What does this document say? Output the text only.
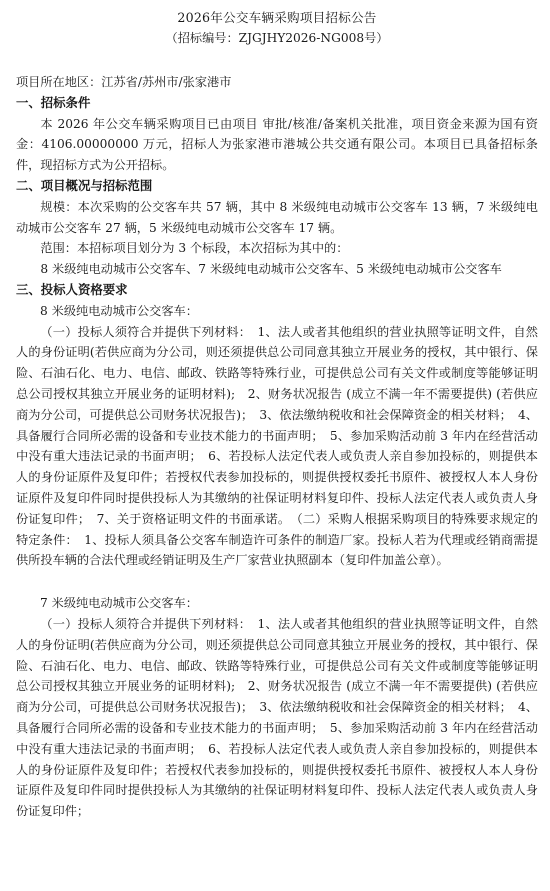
2026年公交车辆采购项目招标公告

（招标编号：ZJGJHY2026-NG008号）

项目所在地区：江苏省/苏州市/张家港市

一、招标条件

本 2026 年公交车辆采购项目已由项目 审批/核准/备案机关批准，项目资金来源为国有资金：4106.00000000 万元，招标人为张家港市港城公共交通有限公司。本项目已具备招标条件，现招标方式为公开招标。

二、项目概况与招标范围

规模：本次采购的公交客车共 57 辆，其中 8 米级纯电动城市公交客车 13 辆，7 米级纯电动城市公交客车 27 辆，5 米级纯电动城市公交客车 17 辆。

范围：本招标项目划分为 3 个标段，本次招标为其中的：

8 米级纯电动城市公交客车、7 米级纯电动城市公交客车、5 米级纯电动城市公交客车

三、投标人资格要求

8 米级纯电动城市公交客车：

（一）投标人须符合并提供下列材料：　1、法人或者其他组织的营业执照等证明文件，自然人的身份证明(若供应商为分公司，则还须提供总公司同意其独立开展业务的授权，其中银行、保险、石油石化、电力、电信、邮政、铁路等特殊行业，可提供总公司有关文件或制度等能够证明总公司授权其独立开展业务的证明材料);　2、财务状况报告 (成立不满一年不需要提供) (若供应商为分公司，可提供总公司财务状况报告)；　3、依法缴纳税收和社会保障资金的相关材料；　4、具备履行合同所必需的设备和专业技术能力的书面声明；　5、参加采购活动前 3 年内在经营活动中没有重大违法记录的书面声明；　6、若投标人法定代表人或负责人亲自参加投标的，则提供本人的身份证原件及复印件；若授权代表参加投标的，则提供授权委托书原件、被授权人本人身份证原件及复印件同时提供投标人为其缴纳的社保证明材料复印件、投标人法定代表人或负责人身份证复印件；　7、关于资格证明文件的书面承诺。　（二）采购人根据采购项目的特殊要求规定的特定条件：　1、投标人须具备公交客车制造许可条件的制造厂家。投标人若为代理或经销商需提供所投车辆的合法代理或经销证明及生产厂家营业执照副本（复印件加盖公章）。

7 米级纯电动城市公交客车：

（一）投标人须符合并提供下列材料：　1、法人或者其他组织的营业执照等证明文件，自然人的身份证明(若供应商为分公司，则还须提供总公司同意其独立开展业务的授权，其中银行、保险、石油石化、电力、电信、邮政、铁路等特殊行业，可提供总公司有关文件或制度等能够证明总公司授权其独立开展业务的证明材料);　2、财务状况报告 (成立不满一年不需要提供) (若供应商为分公司，可提供总公司财务状况报告)；　3、依法缴纳税收和社会保障资金的相关材料；　4、具备履行合同所必需的设备和专业技术能力的书面声明；　5、参加采购活动前 3 年内在经营活动中没有重大违法记录的书面声明；　6、若投标人法定代表人或负责人亲自参加投标的，则提供本人的身份证原件及复印件；若授权代表参加投标的，则提供授权委托书原件、被授权人本人身份证原件及复印件同时提供投标人为其缴纳的社保证明材料复印件、投标人法定代表人或负责人身份证复印件；
